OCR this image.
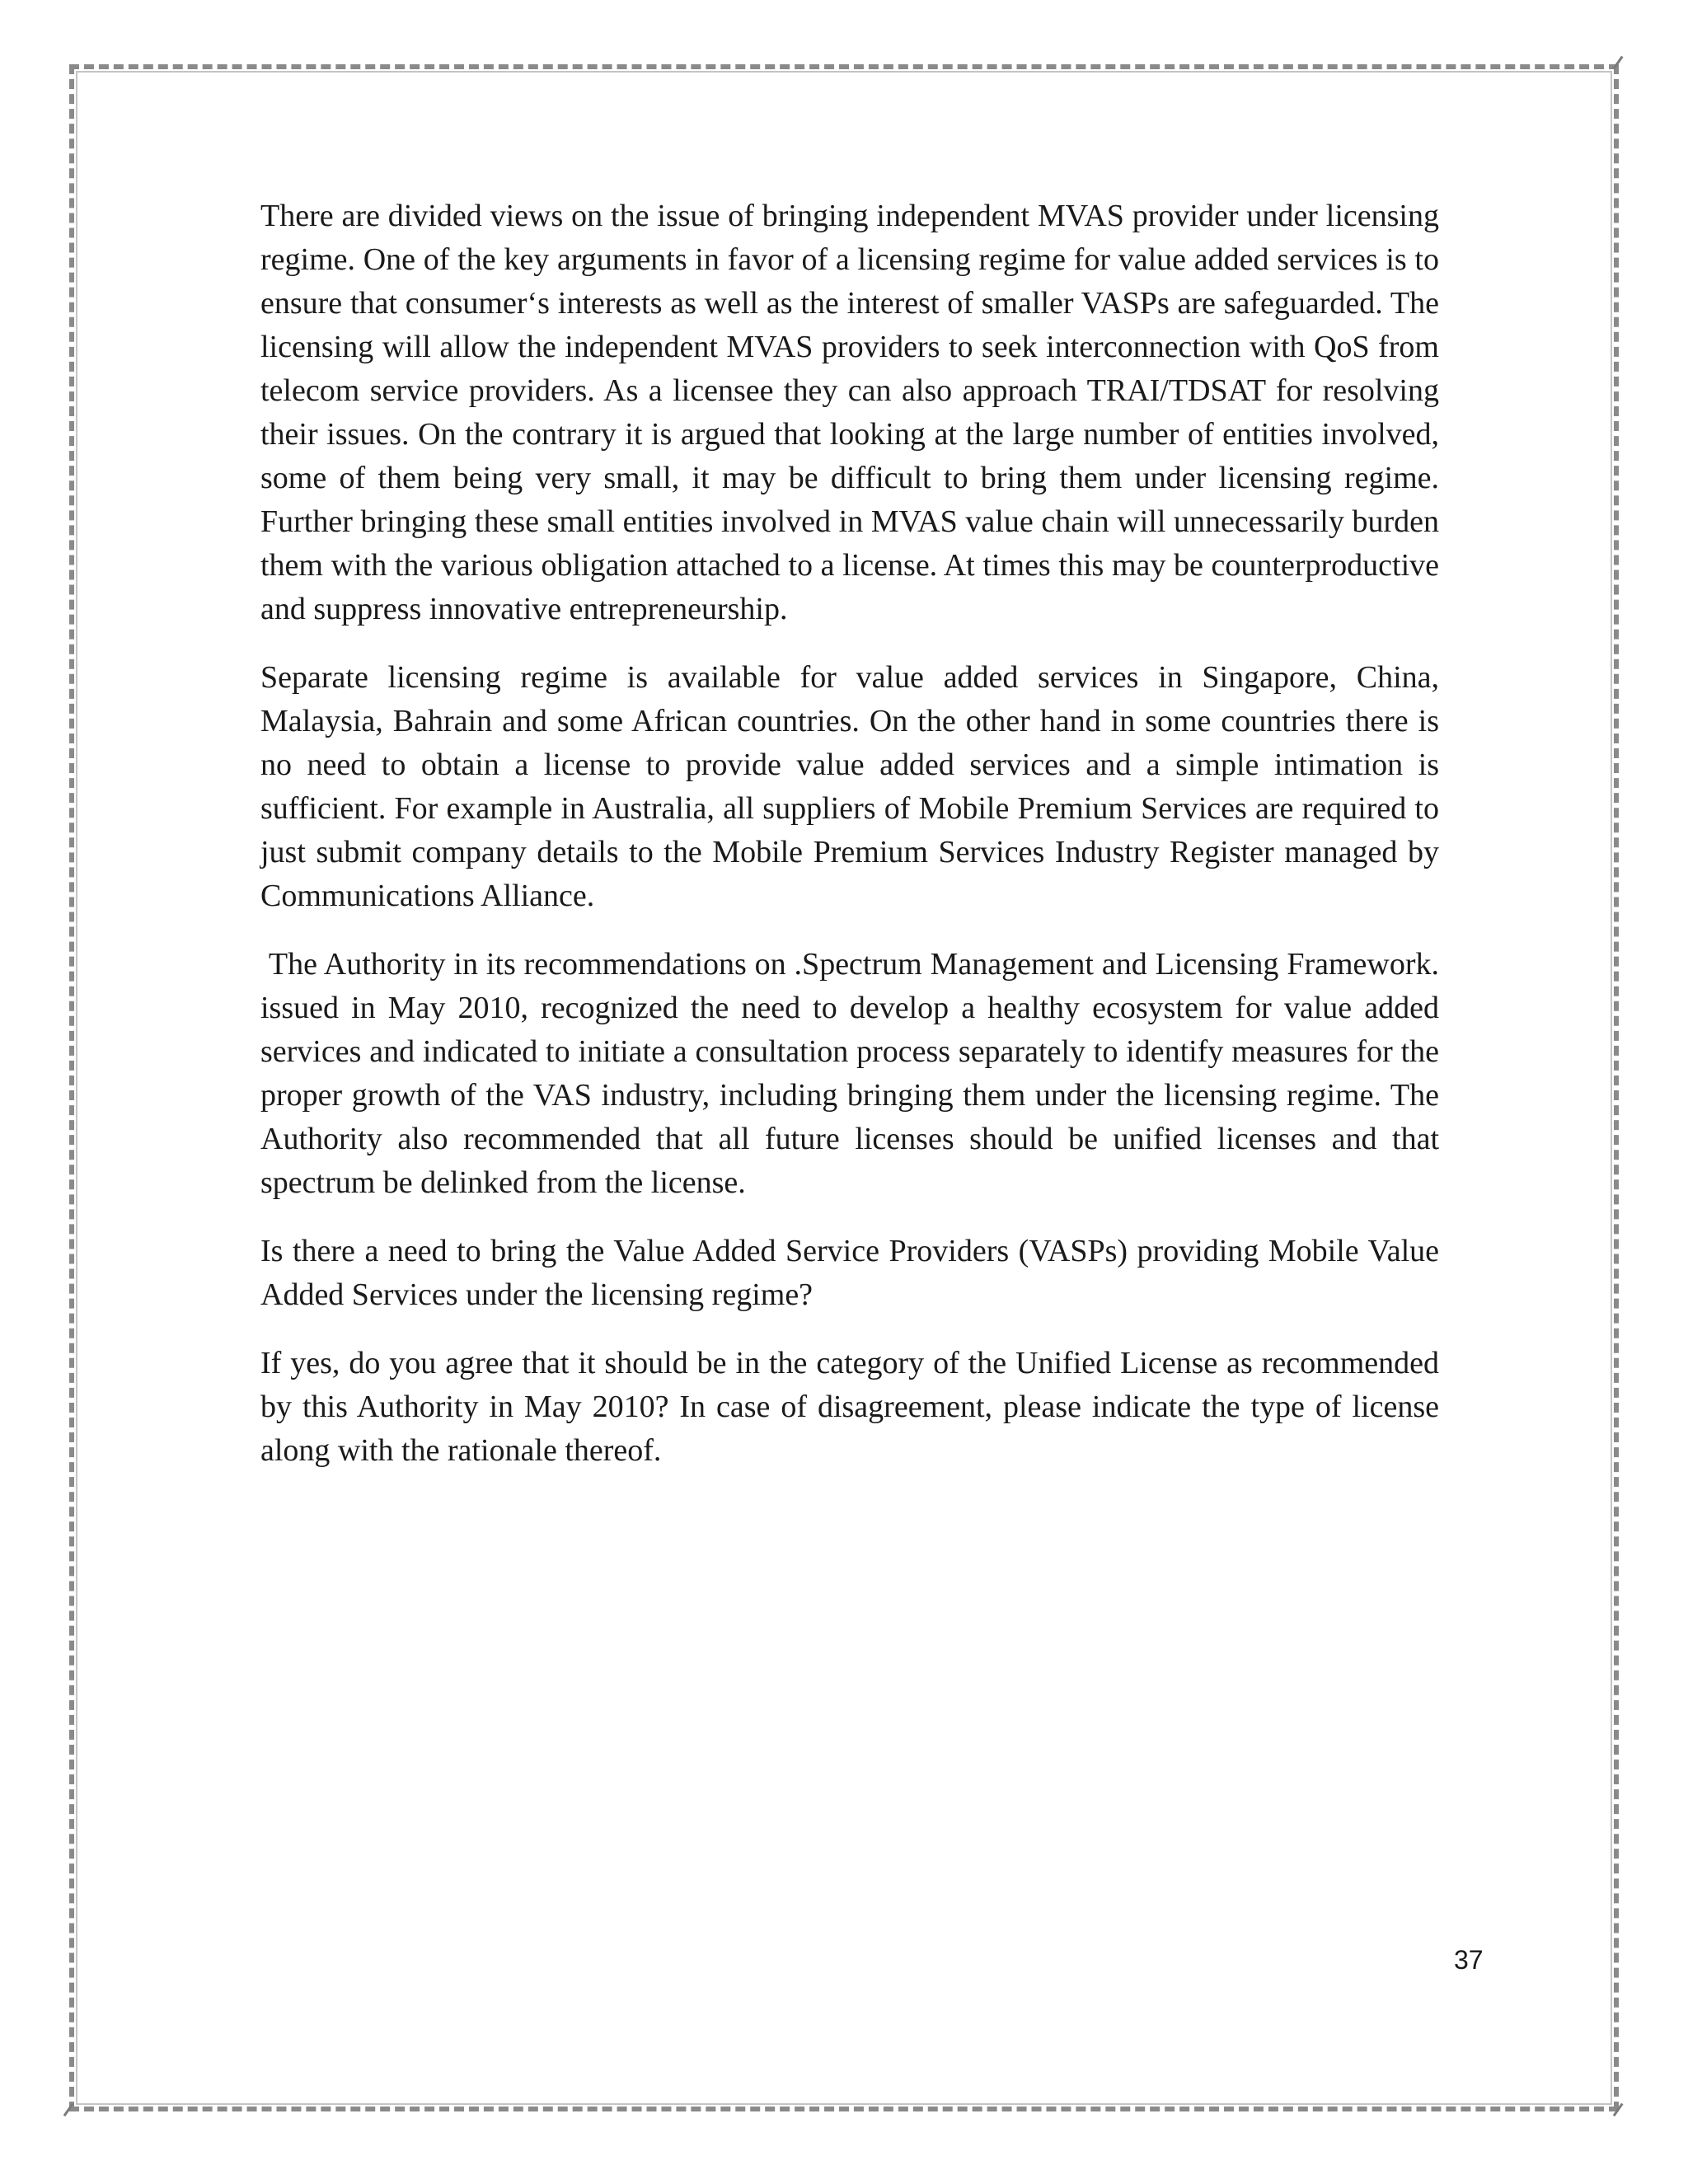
There are divided views on the issue of bringing independent MVAS provider under licensing regime. One of the key arguments in favor of a licensing regime for value added services is to ensure that consumer‘s interests as well as the interest of smaller VASPs are safeguarded. The licensing will allow the independent MVAS providers to seek interconnection with QoS from telecom service providers. As a licensee they can also approach TRAI/TDSAT for resolving their issues. On the contrary it is argued that looking at the large number of entities involved, some of them being very small, it may be difficult to bring them under licensing regime. Further bringing these small entities involved in MVAS value chain will unnecessarily burden them with the various obligation attached to a license. At times this may be counterproductive and suppress innovative entrepreneurship.

Separate licensing regime is available for value added services in Singapore, China, Malaysia, Bahrain and some African countries. On the other hand in some countries there is no need to obtain a license to provide value added services and a simple intimation is sufficient. For example in Australia, all suppliers of Mobile Premium Services are required to just submit company details to the Mobile Premium Services Industry Register managed by Communications Alliance.

The Authority in its recommendations on .Spectrum Management and Licensing Framework. issued in May 2010, recognized the need to develop a healthy ecosystem for value added services and indicated to initiate a consultation process separately to identify measures for the proper growth of the VAS industry, including bringing them under the licensing regime. The Authority also recommended that all future licenses should be unified licenses and that spectrum be delinked from the license.

Is there a need to bring the Value Added Service Providers (VASPs) providing Mobile Value Added Services under the licensing regime?

If yes, do you agree that it should be in the category of the Unified License as recommended by this Authority in May 2010? In case of disagreement, please indicate the type of license along with the rationale thereof.

37
